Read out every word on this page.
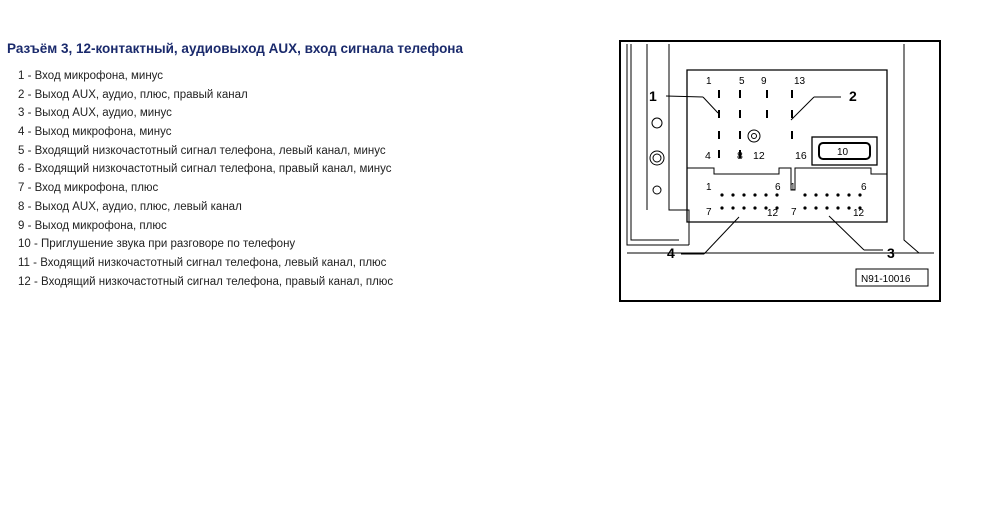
Разъём 3, 12-контактный, аудиовыход AUX, вход сигнала телефона
1 - Вход микрофона, минус
2 - Выход AUX, аудио, плюс, правый канал
3 - Выход AUX, аудио, минус
4 - Выход микрофона, минус
5 - Входящий низкочастотный сигнал телефона, левый канал, минус
6 - Входящий низкочастотный сигнал телефона, правый канал, минус
7 - Вход микрофона, плюс
8 - Выход AUX, аудио, плюс, левый канал
9 - Выход микрофона, плюс
10 - Приглушение звука при разговоре по телефону
11 - Входящий низкочастотный сигнал телефона, левый канал, плюс
12 - Входящий низкочастотный сигнал телефона, правый канал, плюс
1	5 9	13
4 8 12	16	10
1	6
7	12
1	6
7	12
1	2
3
4
N91-10016
